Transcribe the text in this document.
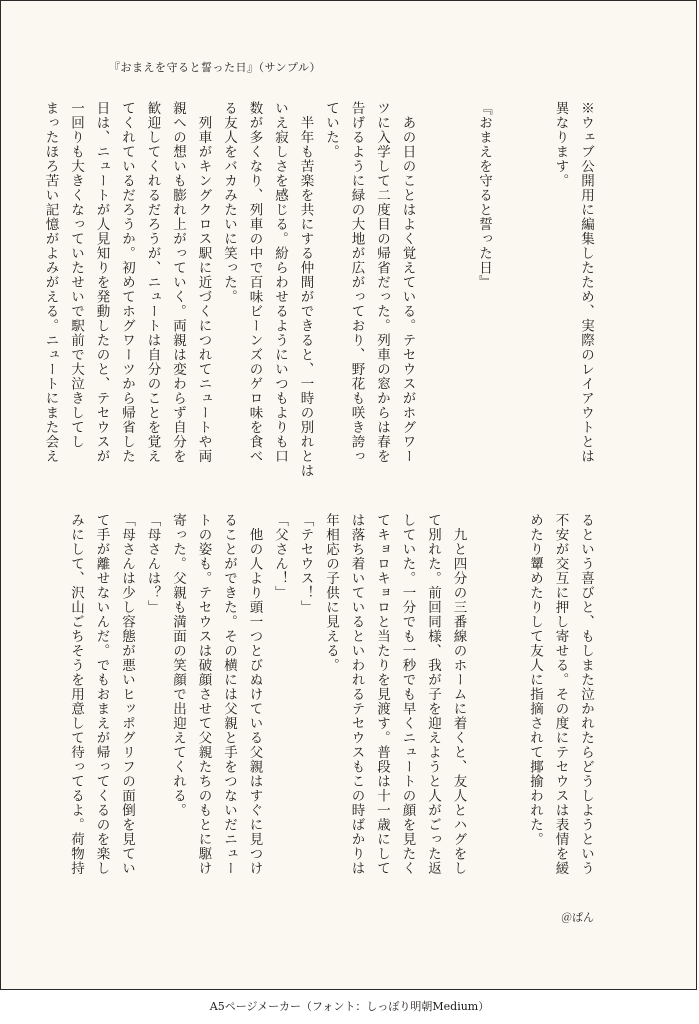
『おまえを守ると誓った日』（サンプル）
※ウェブ公開用に編集したため、実際のレイアウトとは
異なります。
『おまえを守ると誓った日』
　あの日のことはよく覚えている。テセウスがホグワー
ツに入学して二度目の帰省だった。列車の窓からは春を
告げるように緑の大地が広がっており、野花も咲き誇っ
ていた。
　半年も苦楽を共にする仲間ができると、一時の別れとは
いえ寂しさを感じる。紛らわせるようにいつもよりも口
数が多くなり、列車の中で百味ビーンズのゲロ味を食べ
る友人をバカみたいに笑った。
　列車がキングクロス駅に近づくにつれてニュートや両
親への想いも膨れ上がっていく。両親は変わらず自分を
歓迎してくれるだろうが、ニュートは自分のことを覚え
てくれているだろうか。初めてホグワーツから帰省した
日は、ニュートが人見知りを発動したのと、テセウスが
一回りも大きくなっていたせいで駅前で大泣きしてし
まったほろ苦い記憶がよみがえる。ニュートにまた会え
るという喜びと、もしまた泣かれたらどうしようという
不安が交互に押し寄せる。その度にテセウスは表情を緩
めたり顰めたりして友人に指摘されて揶揄われた。
　九と四分の三番線のホームに着くと、友人とハグをし
て別れた。前回同様、我が子を迎えようと人がごった返
していた。一分でも一秒でも早くニュートの顔を見たく
てキョロキョロと当たりを見渡す。普段は十一歳にして
は落ち着いているといわれるテセウスもこの時ばかりは
年相応の子供に見える。
「テセウス！」
「父さん！」
　他の人より頭一つとびぬけている父親はすぐに見つけ
ることができた。その横には父親と手をつないだニュー
トの姿も。テセウスは破顔させて父親たちのもとに駆け
寄った。父親も満面の笑顔で出迎えてくれる。
「母さんは？」
「母さんは少し容態が悪いヒッポグリフの面倒を見てい
て手が離せないんだ。でもおまえが帰ってくるのを楽し
みにして、沢山ごちそうを用意して待ってるよ。荷物持
＠ぱん
A5ページメーカー（フォント：しっぽり明朝Medium）
